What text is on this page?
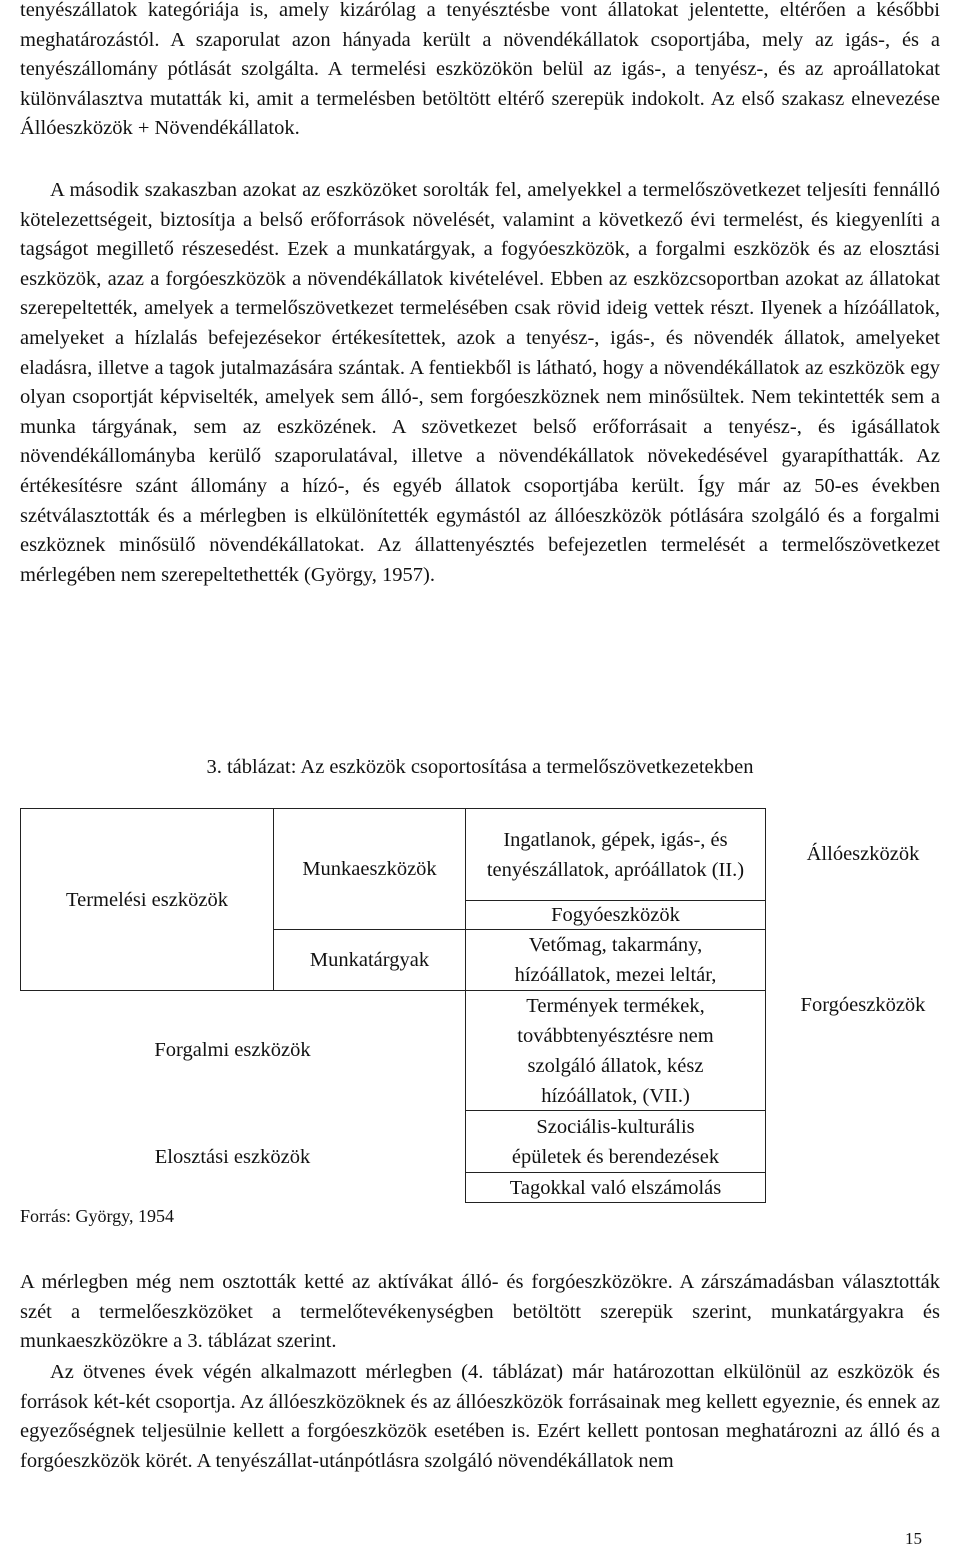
tenyészállatok kategóriája is, amely kizárólag a tenyésztésbe vont állatokat jelentette, eltérően a későbbi meghatározástól. A szaporulat azon hányada került a növendékállatok csoportjába, mely az igás-, és a tenyészállomány pótlását szolgálta. A termelési eszközökön belül az igás-, a tenyész-, és az aproállatokat különválasztva mutatták ki, amit a termelésben betöltött eltérő szerepük indokolt. Az első szakasz elnevezése Állóeszközök + Növendékállatok.

A második szakaszban azokat az eszközöket sorolták fel, amelyekkel a termelőszövetkezet teljesíti fennálló kötelezettségeit, biztosítja a belső erőforrások növelését, valamint a következő évi termelést, és kiegyenlíti a tagságot megillető részesedést. Ezek a munkatárgyak, a fogyóeszközök, a forgalmi eszközök és az elosztási eszközök, azaz a forgóeszközök a növendékállatok kivételével. Ebben az eszközcsoportban azokat az állatokat szerepeltették, amelyek a termelőszövetkezet termelésében csak rövid ideig vettek részt. Ilyenek a hízóállatok, amelyeket a hízlalás befejezésekor értékesítettek, azok a tenyész-, igás-, és növendék állatok, amelyeket eladásra, illetve a tagok jutalmazására szántak. A fentiekből is látható, hogy a növendékállatok az eszközök egy olyan csoportját képviselték, amelyek sem álló-, sem forgóeszköznek nem minősültek. Nem tekintették sem a munka tárgyának, sem az eszközének. A szövetkezet belső erőforrásait a tenyész-, és igásállatok növendékállományba kerülő szaporulatával, illetve a növendékállatok növekedésével gyarapíthatták. Az értékesítésre szánt állomány a hízó-, és egyéb állatok csoportjába került. Így már az 50-es években szétválasztották és a mérlegben is elkülönítették egymástól az állóeszközök pótlására szolgáló és a forgalmi eszköznek minősülő növendékállatokat. Az állattenyésztés befejezetlen termelését a termelőszövetkezet mérlegében nem szerepeltethették (György, 1957).

3. táblázat: Az eszközök csoportosítása a termelőszövetkezetekben
Termelési eszközök
Munkaeszközök
Munkatárgyak
Forgalmi eszközök
Elosztási eszközök
Ingatlanok, gépek, igás-, és tenyészállatok, apróállatok (II.)
Fogyóeszközök
Vetőmag, takarmány, hízóállatok, mezei leltár,
Termények termékek, továbbtenyésztésre nem szolgáló állatok, kész hízóállatok, (VII.)
Szociális-kulturális épületek és berendezések
Tagokkal való elszámolás
Állóeszközök
Forgóeszközök
Forrás: György, 1954

A mérlegben még nem osztották ketté az aktívákat álló- és forgóeszközökre. A zárszámadásban választották szét a termelőeszközöket a termelőtevékenységben betöltött szerepük szerint, munkatárgyakra és munkaeszközökre a 3. táblázat szerint.

Az ötvenes évek végén alkalmazott mérlegben (4. táblázat) már határozottan elkülönül az eszközök és források két-két csoportja. Az állóeszközöknek és az állóeszközök forrásainak meg kellett egyeznie, és ennek az egyezőségnek teljesülnie kellett a forgóeszközök esetében is. Ezért kellett pontosan meghatározni az álló és a forgóeszközök körét. A tenyészállat-utánpótlásra szolgáló növendékállatok nem

15
